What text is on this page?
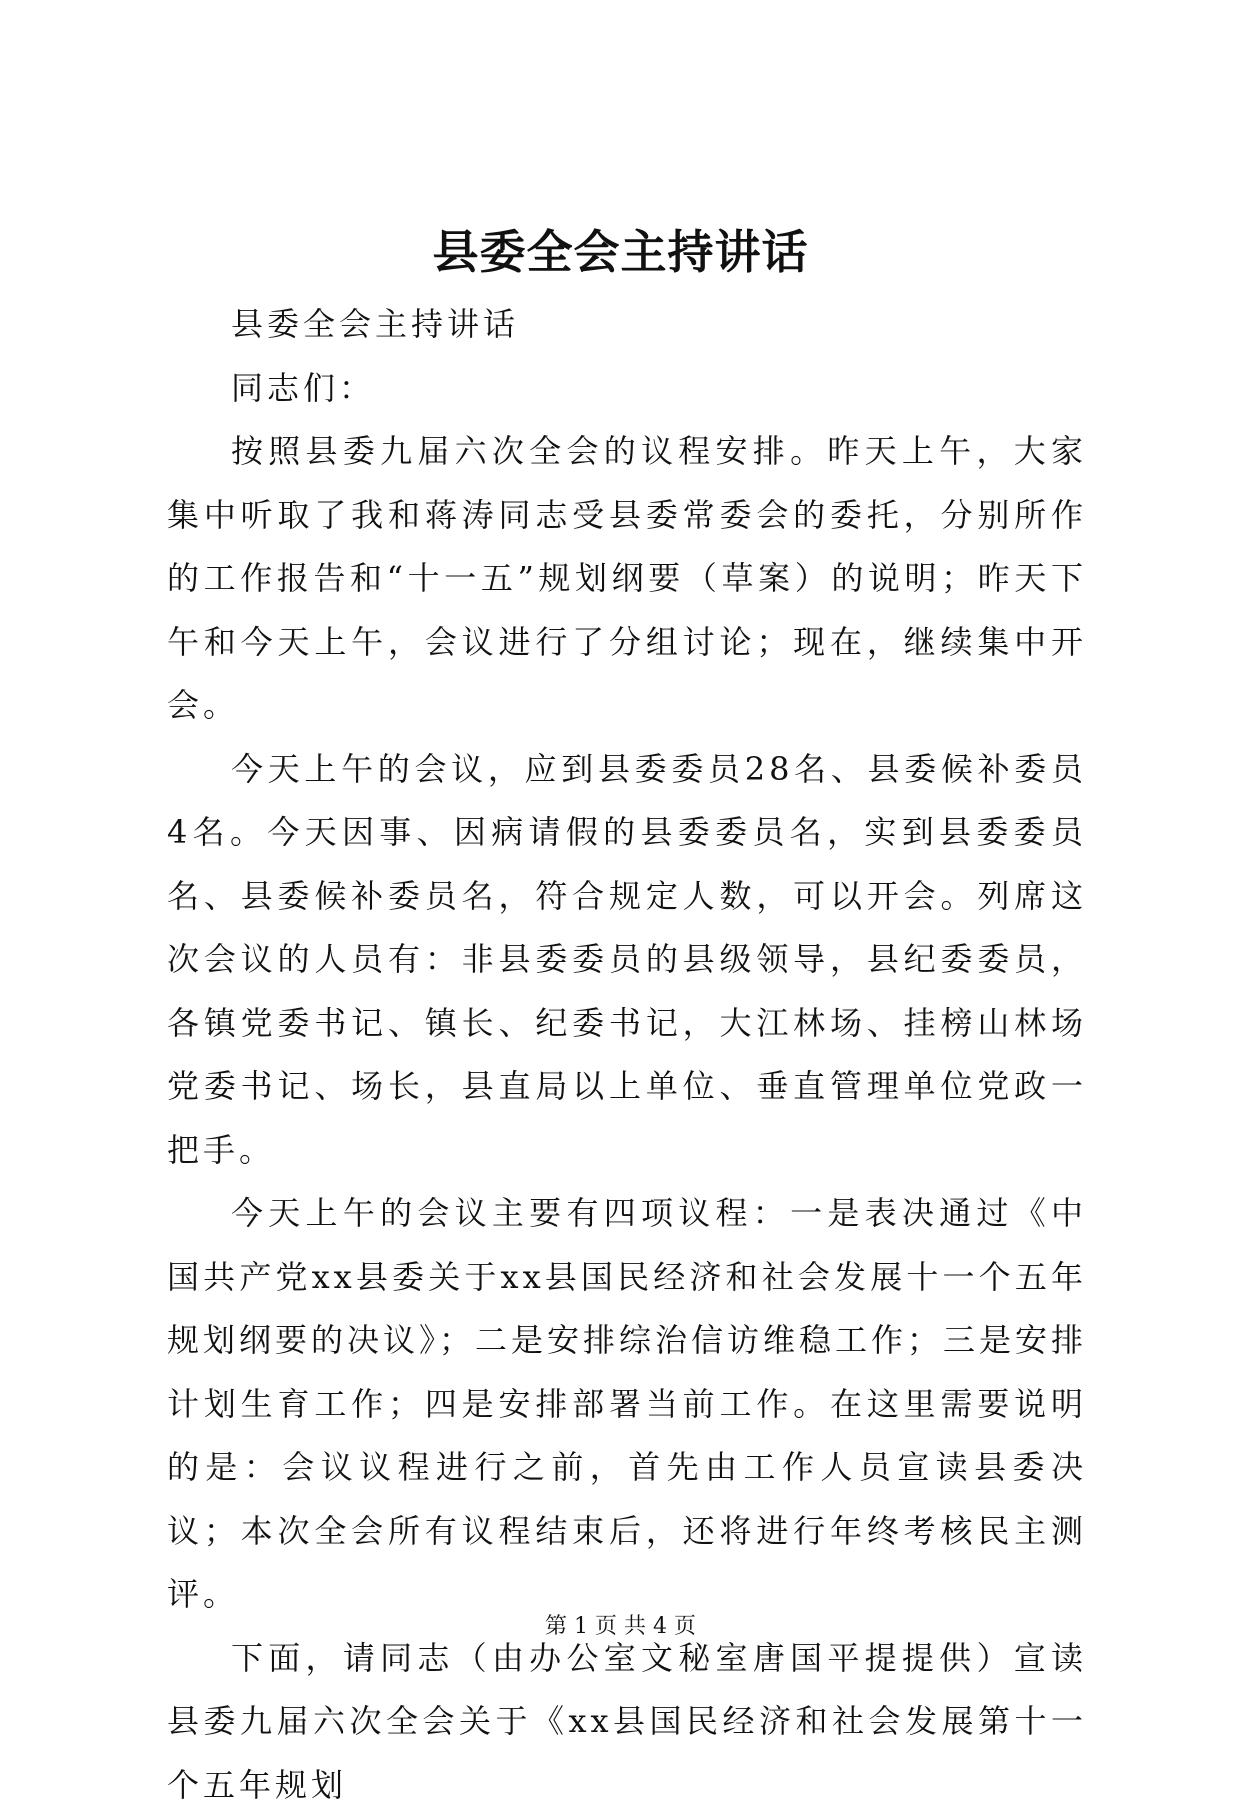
县委全会主持讲话

县委全会主持讲话

同志们：

按照县委九届六次全会的议程安排。昨天上午，大家集中听取了我和蒋涛同志受县委常委会的委托，分别所作的工作报告和“十一五”规划纲要（草案）的说明；昨天下午和今天上午，会议进行了分组讨论；现在，继续集中开会。

今天上午的会议，应到县委委员28名、县委候补委员4名。今天因事、因病请假的县委委员名，实到县委委员名、县委候补委员名，符合规定人数，可以开会。列席这次会议的人员有：非县委委员的县级领导，县纪委委员，各镇党委书记、镇长、纪委书记，大江林场、挂榜山林场党委书记、场长，县直局以上单位、垂直管理单位党政一把手。

今天上午的会议主要有四项议程：一是表决通过《中国共产党xx县委关于xx县国民经济和社会发展十一个五年规划纲要的决议》；二是安排综治信访维稳工作；三是安排计划生育工作；四是安排部署当前工作。在这里需要说明的是：会议议程进行之前，首先由工作人员宣读县委决议；本次全会所有议程结束后，还将进行年终考核民主测评。

下面，请同志（由办公室文秘室唐国平提提供）宣读县委九届六次全会关于《xx县国民经济和社会发展第十一个五年规划

第 1 页 共 4 页
